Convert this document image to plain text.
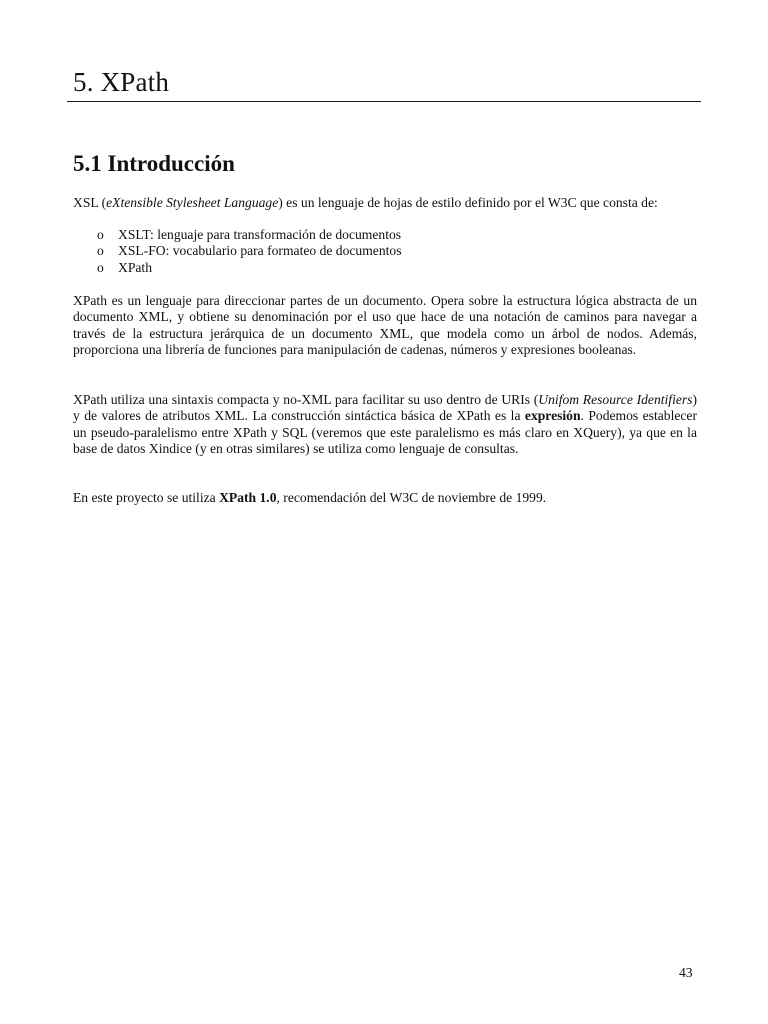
5. XPath
5.1 Introducción

XSL (eXtensible Stylesheet Language) es un lenguaje de hojas de estilo definido por el W3C que consta de:

o	XSLT: lenguaje para transformación de documentos
o	XSL-FO: vocabulario para formateo de documentos
o	XPath

XPath es un lenguaje para direccionar partes de un documento. Opera sobre la estructura lógica abstracta de un documento XML, y obtiene su denominación por el uso que hace de una notación de caminos para navegar a través de la estructura jerárquica de un documento XML, que modela como un árbol de nodos. Además, proporciona una librería de funciones para manipulación de cadenas, números y expresiones booleanas.

XPath utiliza una sintaxis compacta y no-XML para facilitar su uso dentro de URIs (Unifom Resource Identifiers) y de valores de atributos XML. La construcción sintáctica básica de XPath es la expresión. Podemos establecer un pseudo-paralelismo entre XPath y SQL (veremos que este paralelismo es más claro en XQuery), ya que en la base de datos Xindice (y en otras similares) se utiliza como lenguaje de consultas.

En este proyecto se utiliza XPath 1.0, recomendación del W3C de noviembre de 1999.

43
